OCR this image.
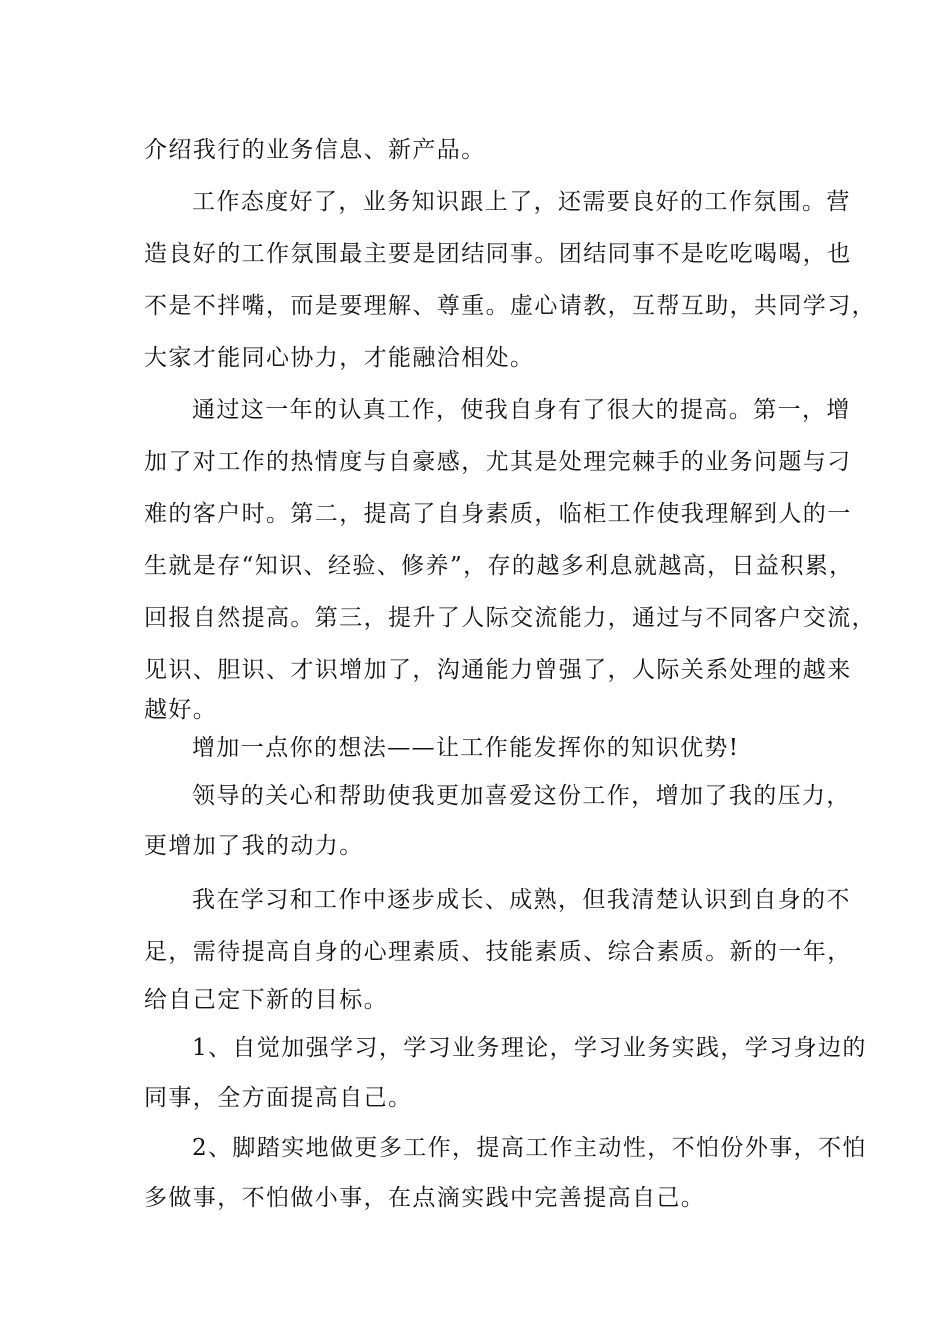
介绍我行的业务信息、新产品。
工作态度好了，业务知识跟上了，还需要良好的工作氛围。营
造良好的工作氛围最主要是团结同事。团结同事不是吃吃喝喝，也
不是不拌嘴，而是要理解、尊重。虚心请教，互帮互助，共同学习，
大家才能同心协力，才能融洽相处。
通过这一年的认真工作，使我自身有了很大的提高。第一，增
加了对工作的热情度与自豪感，尤其是处理完棘手的业务问题与刁
难的客户时。第二，提高了自身素质，临柜工作使我理解到人的一
生就是存“知识、经验、修养”，存的越多利息就越高，日益积累，
回报自然提高。第三，提升了人际交流能力，通过与不同客户交流，
见识、胆识、才识增加了，沟通能力曾强了，人际关系处理的越来
越好。
增加一点你的想法——让工作能发挥你的知识优势!
领导的关心和帮助使我更加喜爱这份工作，增加了我的压力，
更增加了我的动力。
我在学习和工作中逐步成长、成熟，但我清楚认识到自身的不
足，需待提高自身的心理素质、技能素质、综合素质。新的一年，
给自己定下新的目标。
1、自觉加强学习，学习业务理论，学习业务实践，学习身边的
同事，全方面提高自己。
2、脚踏实地做更多工作，提高工作主动性，不怕份外事，不怕
多做事，不怕做小事，在点滴实践中完善提高自己。
